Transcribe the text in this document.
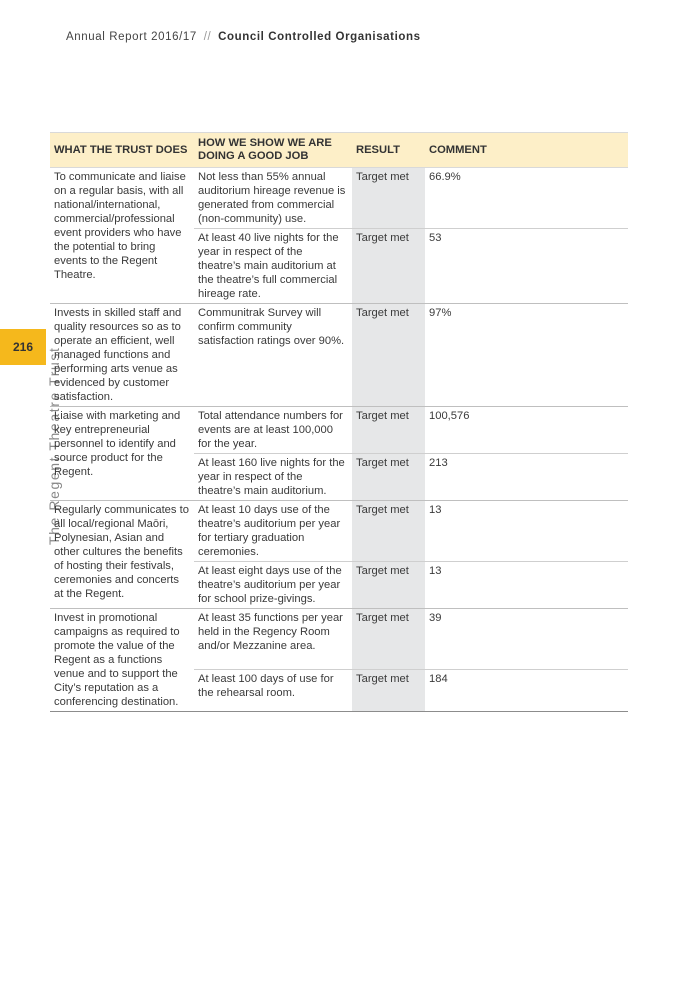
Annual Report 2016/17 // Council Controlled Organisations
216 The Regent Theatre Trust
WHAT THE TRUST DOES	HOW WE SHOW WE ARE DOING A GOOD JOB	RESULT	COMMENT
To communicate and liaise on a regular basis, with all national/international, commercial/professional event providers who have the potential to bring events to the Regent Theatre.	Not less than 55% annual auditorium hireage revenue is generated from commercial (non-community) use.	Target met	66.9%
	At least 40 live nights for the year in respect of the theatre’s main auditorium at the theatre’s full commercial hireage rate.	Target met	53
Invests in skilled staff and quality resources so as to operate an efficient, well managed functions and performing arts venue as evidenced by customer satisfaction.	Communitrak Survey will confirm community satisfaction ratings over 90%.	Target met	97%
Liaise with marketing and key entrepreneurial personnel to identify and source product for the Regent.	Total attendance numbers for events are at least 100,000 for the year.	Target met	100,576
	At least 160 live nights for the year in respect of the theatre’s main auditorium.	Target met	213
Regularly communicates to all local/regional Maōri, Polynesian, Asian and other cultures the benefits of hosting their festivals, ceremonies and concerts at the Regent.	At least 10 days use of the theatre’s auditorium per year for tertiary graduation ceremonies.	Target met	13
	At least eight days use of the theatre’s auditorium per year for school prize-givings.	Target met	13
Invest in promotional campaigns as required to promote the value of the Regent as a functions venue and to support the City’s reputation as a conferencing destination.	At least 35 functions per year held in the Regency Room and/or Mezzanine area.	Target met	39
	At least 100 days of use for the rehearsal room.	Target met	184
